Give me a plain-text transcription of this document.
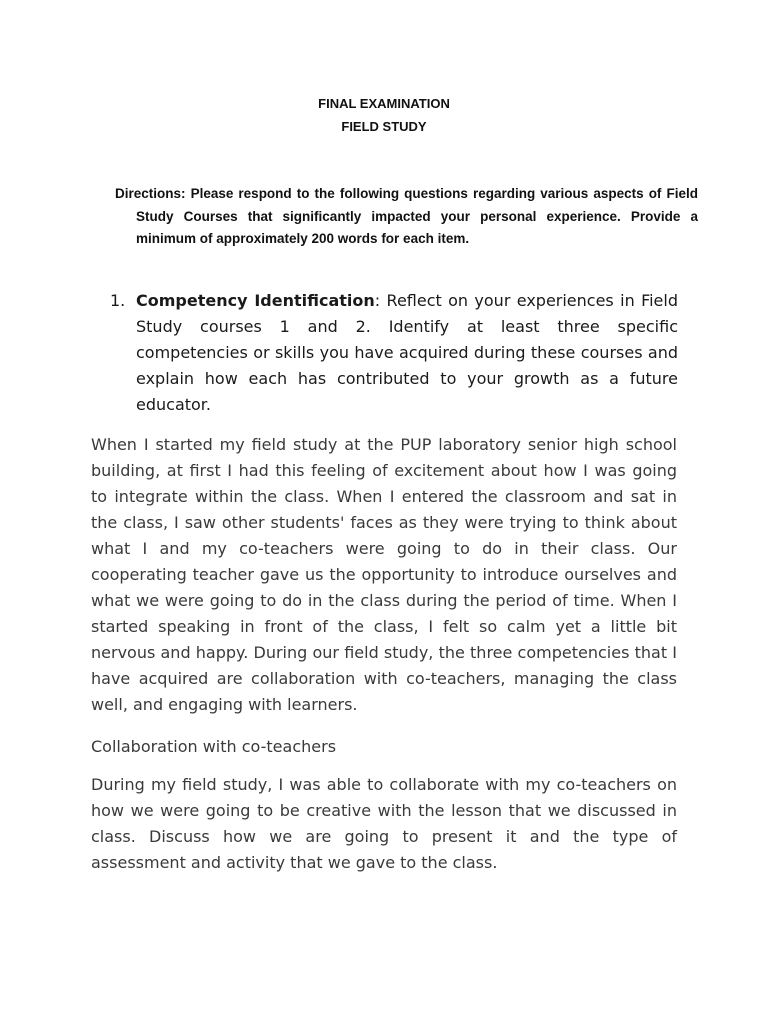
FINAL EXAMINATION
FIELD STUDY
Directions: Please respond to the following questions regarding various aspects of Field Study Courses that significantly impacted your personal experience. Provide a minimum of approximately 200 words for each item.
1. Competency Identification: Reflect on your experiences in Field Study courses 1 and 2. Identify at least three specific competencies or skills you have acquired during these courses and explain how each has contributed to your growth as a future educator.

When I started my field study at the PUP laboratory senior high school building, at first I had this feeling of excitement about how I was going to integrate within the class. When I entered the classroom and sat in the class, I saw other students' faces as they were trying to think about what I and my co-teachers were going to do in their class. Our cooperating teacher gave us the opportunity to introduce ourselves and what we were going to do in the class during the period of time. When I started speaking in front of the class, I felt so calm yet a little bit nervous and happy. During our field study, the three competencies that I have acquired are collaboration with co-teachers, managing the class well, and engaging with learners.

Collaboration with co-teachers

During my field study, I was able to collaborate with my co-teachers on how we were going to be creative with the lesson that we discussed in class. Discuss how we are going to present it and the type of assessment and activity that we gave to the class.
